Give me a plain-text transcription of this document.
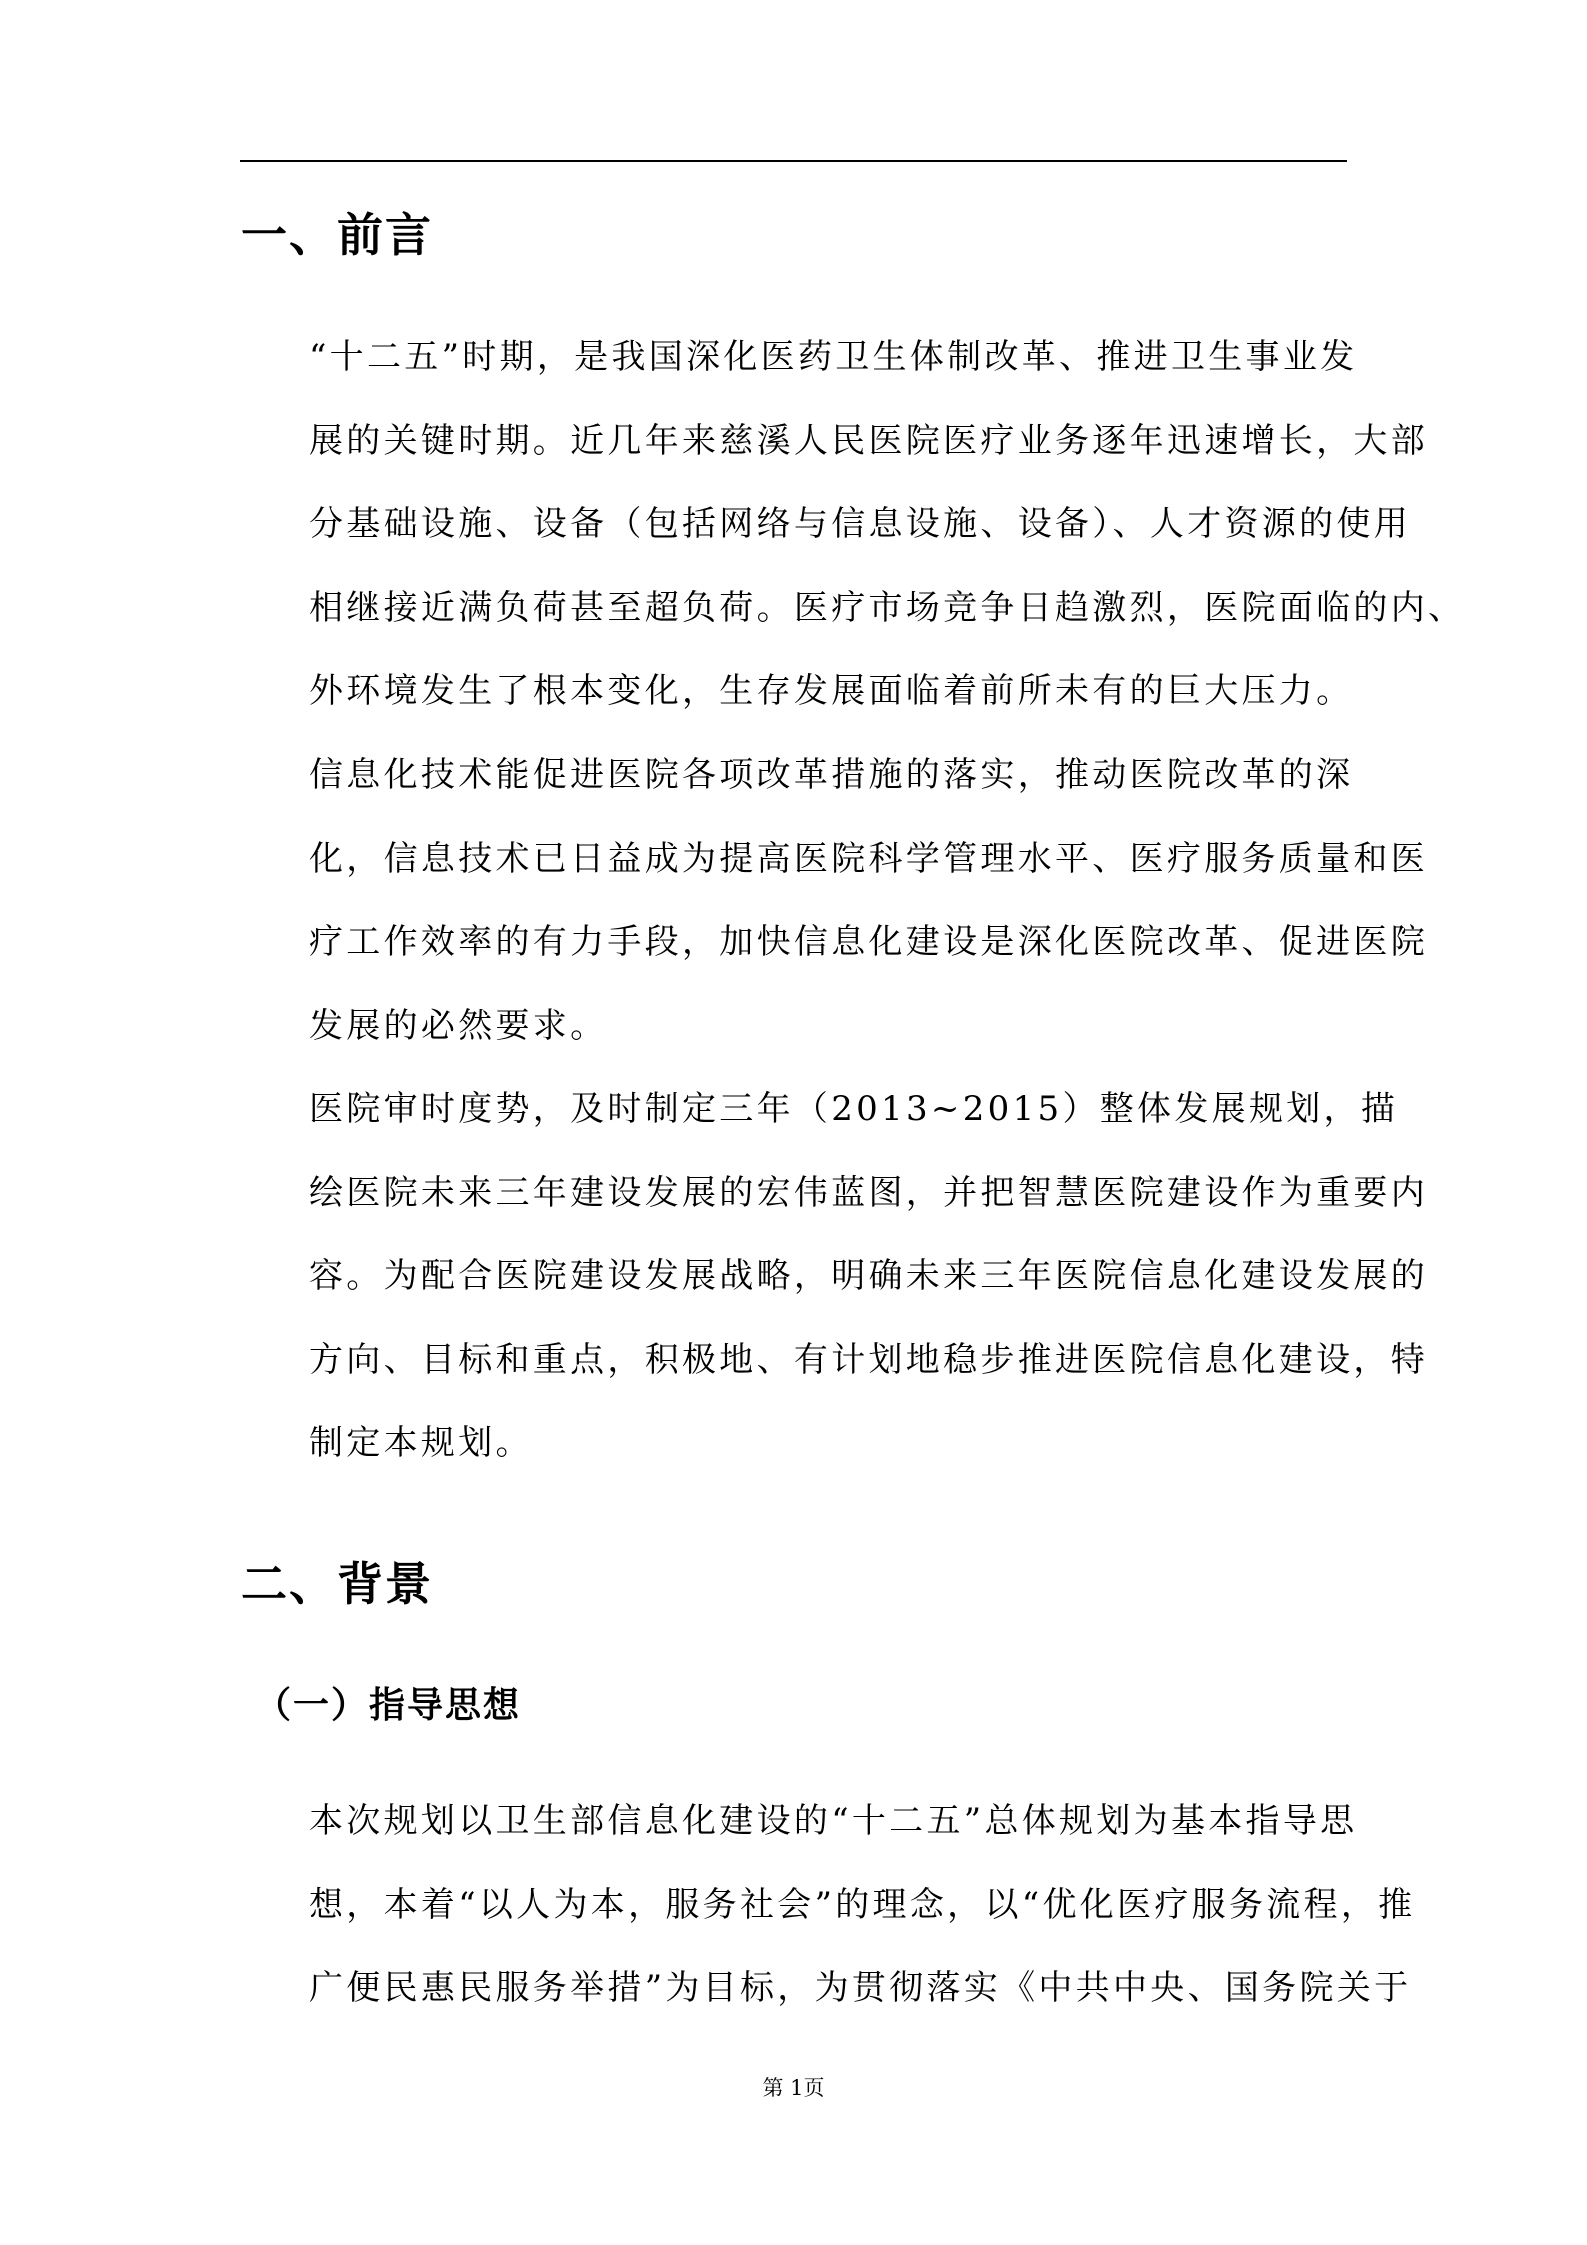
一、前言
“十二五”时期，是我国深化医药卫生体制改革、推进卫生事业发
展的关键时期。近几年来慈溪人民医院医疗业务逐年迅速增长，大部
分基础设施、设备（包括网络与信息设施、设备）、人才资源的使用
相继接近满负荷甚至超负荷。医疗市场竞争日趋激烈，医院面临的内、
外环境发生了根本变化，生存发展面临着前所未有的巨大压力。
信息化技术能促进医院各项改革措施的落实，推动医院改革的深
化，信息技术已日益成为提高医院科学管理水平、医疗服务质量和医
疗工作效率的有力手段，加快信息化建设是深化医院改革、促进医院
发展的必然要求。
医院审时度势，及时制定三年（2013~2015）整体发展规划，描
绘医院未来三年建设发展的宏伟蓝图，并把智慧医院建设作为重要内
容。为配合医院建设发展战略，明确未来三年医院信息化建设发展的
方向、目标和重点，积极地、有计划地稳步推进医院信息化建设，特
制定本规划。
二、背景
（一）指导思想
本次规划以卫生部信息化建设的“十二五”总体规划为基本指导思
想，本着“以人为本，服务社会”的理念，以“优化医疗服务流程，推
广便民惠民服务举措”为目标，为贯彻落实《中共中央、国务院关于
第 1页
